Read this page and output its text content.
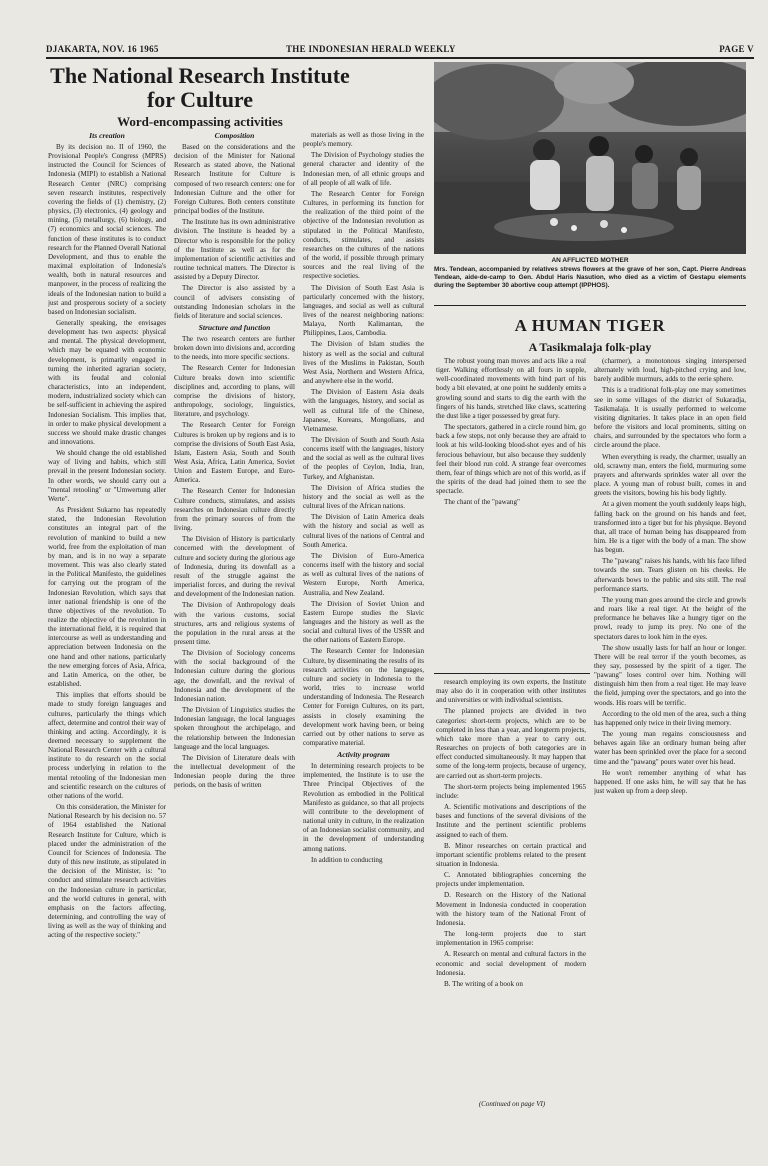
DJAKARTA, NOV. 16 1965	THE INDONESIAN HERALD WEEKLY	PAGE V
The National Research Institute for Culture
Word-encompassing activities
Its creation

By its decision no. II of 1960, the Provisional People's Congress (MPRS) instructed the Council for Sciences of Indonesia (MIPI) to establish a National Research Center (NRC) comprising seven research institutes, respectively covering the fields of (1) chemistry, (2) physics, (3) electronics, (4) geology and mining, (5) metallurgy, (6) biology, and (7) economics and social sciences. The function of these institutes is to conduct research for the Planned Overall National Development, and thus to enable the maximal exploitation of Indonesia's wealth, both in natural resources and manpower, in the process of realizing the ideals of the Indonesian nation to build a just and prosperous society of a society based on Indonesian socialism.

Generally speaking, the envisages development has two aspects: physical and mental. The physical development, which may be equated with economic development, is primarily engaged in turning the inherited agrarian society, with its feudal and colonial characteristics, into an independent, modern, industrialized society which can be self-sufficient in achieving the aspired Indonesian Socialism. This implies that, in order to make physical development a success we should make drastic changes and innovations.

We should change the old established way of living and habits, which still prevail in the present Indonesian society. In other words, we should carry out a "mental retooling" or "Umwertung aller Werte".

As President Sukarno has repeatedly stated, the Indonesian Revolution constitutes an integral part of the revolution of mankind to build a new world, free from the exploitation of man by man, and is in no way a separate movement. This was also clearly stated in the Political Manifesto, the guidelines for carrying out the program of the Indonesian Revolution, which says that inter national friendship is one of the three objectives of the revolution. To realize the objective of the revolution in the international field, it is required that intercourse as well as understanding and appreciation between Indonesia on the one hand and other nations, particularly the new emerging forces of Asia, Africa, and Latin America, on the other, be established.

This implies that efforts should be made to study foreign languages and cultures, particularly the things which affect, determine and control their way of thinking and acting. Accordingly, it is deemed necessary to supplement the National Research Center with a cultural institute to do research on the social process underlying in relation to the mental retooling of the Indonesian men and scientific research on the cultures of other nations of the world.

On this consideration, the Minister for National Research by his decision no. 57 of 1964 established the National Research Institute for Culture, which is placed under the administration of the Council for Sciences of Indonesia. The duty of this new institute, as stipulated in the decision of the Minister, is: "to conduct and stimulate research activities on the Indonesian culture in particular, and the world cultures in general, with emphasis on the factors affecting, determining, and controlling the way of living as well as the way of thinking and acting of the respective society."

Composition

Based on the considerations and the decision of the Minister for National Research as stated above, the National Research Institute for Culture is composed of two research centers: one for Indonesian Culture and the other for Foreign Cultures. Both centers constitute principal bodies of the Institute.

The Institute has its own administrative division. The Institute is headed by a Director who is responsible for the policy of the Institute as well as for the implementation of scientific activities and routine technical matters. The Director is assisted by a Deputy Director.

The Director is also assisted by a council of advisers consisting of outstanding Indonesian scholars in the fields of literature and social sciences.

Structure and function

The two research centers are further broken down into divisions and, according to the needs, into more specific sections.

The Research Center for Indonesian Culture breaks down into scientific disciplines and, according to plans, will comprise the divisions of history, anthropology, sociology, linguistics, literature, and psychology.

The Research Center for Foreign Cultures is broken up by regions and is to comprise the divisions of South East Asia, Islam, Eastern Asia, South and South West Asia, Africa, Latin America, Soviet Union and Eastern Europe, and Euro-America.

The Research Center for Indonesian Culture conducts, stimulates, and assists researches on Indonesian culture directly from the primary sources of from the living.

The Division of History is particularly concerned with the development of culture and society during the glorious age of Indonesia, during its downfall as a result of the struggle against the imperialist forces, and during the revival and development of the Indonesian nation.

The Division of Anthropology deals with the various customs, social structures, arts and religious systems of the population in the rural areas at the present time.

The Division of Sociology concerns with the social background of the Indonesian culture during the glorious age, the downfall, and the revival of Indonesia and the development of the Indonesian nation.

The Division of Linguistics studies the Indonesian language, the local languages spoken throughout the archipelago, and the relationship between the Indonesian language and the local languages.

The Division of Literature deals with the intellectual development of the Indonesian people during the three periods, on the basis of written

materials as well as those living in the people's memory.

The Division of Psychology studies the general character and identity of the Indonesian men, of all ethnic groups and of all people of all walk of life.

The Research Center for Foreign Cultures, in performing its function for the realization of the third point of the objective of the Indonesian revolution as stipulated in the Political Manifesto, conducts, stimulates, and assists researches on the cultures of the nations of the world, if possible through primary sources and the real living of the respective societies.

The Division of South East Asia is particularly concerned with the history, languages, and social as well as cultural lives of the nearest neighboring nations: Malaya, North Kalimantan, the Philippines, Laos, Cambodia.

The Division of Islam studies the history as well as the social and cultural lives of the Muslims in Pakistan, South West Asia, Northern and Western Africa, and anywhere else in the world.

The Division of Eastern Asia deals with the languages, history, and social as well as cultural life of the Chinese, Japanese, Koreans, Mongolians, and Vietnamese.

The Division of South and South Asia concerns itself with the languages, history and the social as well as the cultural lives of the peoples of Ceylon, India, Iran, Turkey, and Afghanistan.

The Division of Africa studies the history and the social as well as the cultural lives of the African nations.

The Division of Latin America deals with the history and social as well as cultural lives of the nations of Central and South America.

The Division of Euro-America concerns itself with the history and social as well as cultural lives of the nations of Western Europe, North America, Australia, and New Zealand.

The Division of Soviet Union and Eastern Europe studies the Slavic languages and the history as well as the social and cultural lives of the USSR and the other nations of Eastern Europe.

The Research Center for Indonesian Culture, by disseminating the results of its research activities on the languages, culture and society in Indonesia to the world, tries to increase world understanding of Indonesia. The Research Center for Foreign Cultures, on its part, assists in closely examining the development work having been, or being carried out by other nations to serve as comparative material.

Activity program

In determining research projects to be implemented, the Institute is to use the Three Principal Objectives of the Revolution as embodied in the Political Manifesto as guidance, so that all projects will contribute to the development of national unity in culture, in the realization of an Indonesian socialist community, and in the development of understanding among nations.

In addition to conducting

AN AFFLICTED MOTHER
Mrs. Tendean, accompanied by relatives strews flowers at the grave of her son, Capt. Pierre Andreas Tendean, aide-de-camp to Gen. Abdul Haris Nasution, who died as a victim of Gestapu elements during the September 30 abortive coup attempt (IPPHOS).
A HUMAN TIGER
A Tasikmalaja folk-play

The robust young man moves and acts like a real tiger. Walking effortlessly on all fours in supple, well-coordinated movements with hind part of his body a bit elevated, at one point he suddenly emits a growling sound and starts to dig the earth with the fingers of his hands, stretched like claws, scattering the dust like a tiger possessed by great fury.

The spectators, gathered in a circle round him, go back a few steps, not only because they are afraid to look at his wild-looking blood-shot eyes and of his ferocious behaviour, but also because they suddenly feel their blood run cold. A strange fear overcomes them, fear of things which are not of this world, as if the spirits of the dead had joined them to see the spectacle.

The chant of the "pawang"

(charmer), a monotonous singing interspersed alternately with loud, high-pitched crying and low, barely audible murmurs, adds to the eerie sphere.

This is a traditional folk-play one may sometimes see in some villages of the district of Sukaradja, Tasikmalaja. It is usually performed to welcome visiting dignitaries. It takes place in an open field before the visitors and local prominents, sitting on chairs, and surrounded by the spectators who form a circle around the place.

When everything is ready, the charmer, usually an old, scrawny man, enters the field, murmuring some prayers and afterwards sprinkles water all over the place. A young man of robust built, comes in and greets the visitors, bowing his his body lightly.

At a given moment the youth suddenly leaps high, falling back on the ground on his hands and feet, transformed into a tiger but for his physique. Beyond that, all trace of human being has disappeared from him. He is a tiger with the body of a man. The show has begun.

The "pawang" raises his hands, with his face lifted towards the sun. Tears glisten on his cheeks. He afterwards bows to the public and sits still. The real performance starts.

The young man goes around the circle and growls and roars like a real tiger. At the height of the preformance he behaves like a hungry tiger on the prowl, ready to jump its prey. No one of the spectators dares to look him in the eyes.

The show usually lasts for half an hour or longer. There will be real terror if the youth becomes, as they say, possessed by the spirit of a tiger. The "pawang" loses control over him. Nothing will distinguish him then from a real tiger. He may leave the field, jumping over the spectators, and go into the woods. His roars will be terrific.

According to the old men of the area, such a thing has happened only twice in their living memory.

The young man regains consciousness and behaves again like an ordinary human being after water has been sprinkled over the place for a second time and the "pawang" pours water over his head.

He won't remember anything of what has happened. If one asks him, he will say that he has just waken up from a deep sleep.

research employing its own experts, the Institute may also do it in cooperation with other institutes and universities or with individual scientists.

The planned projects are divided in two categories: short-term projects, which are to be completed in less than a year, and longterm projects, which take more than a year to carry out. Researches on projects of both categories are in effect conducted simultaneously. It may happen that some of the long-term projects, because of urgency, are carried out as short-term projects.

The short-term projects being implemented 1965 include:

A. Scientific motivations and descriptions of the bases and functions of the several divisions of the Institute and the pertinent scientific problems assigned to each of them.

B. Minor researches on certain practical and important scientific problems related to the present situation in Indonesia.

C. Annotated bibliographies concerning the projects under implementation.

D. Research on the History of the National Movement in Indonesia conducted in cooperation with the history team of the National Front of Indonesia.

The long-term projects due to start implementation in 1965 comprise:

A. Research on mental and cultural factors in the economic and social development of modern Indonesia.

B. The writing of a book on

(Continued on page VI)
